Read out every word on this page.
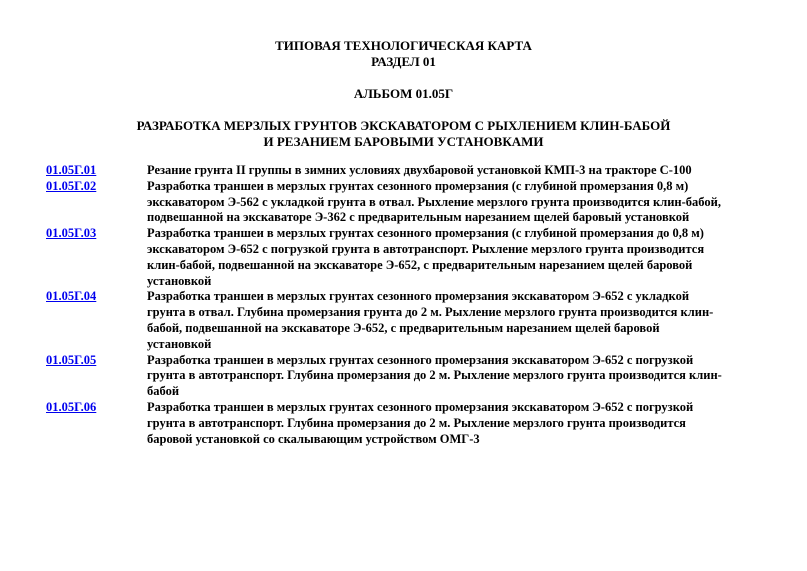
ТИПОВАЯ ТЕХНОЛОГИЧЕСКАЯ КАРТА
РАЗДЕЛ 01
АЛЬБОМ 01.05Г
РАЗРАБОТКА МЕРЗЛЫХ ГРУНТОВ ЭКСКАВАТОРОМ С РЫХЛЕНИЕМ КЛИН-БАБОЙ
И РЕЗАНИЕМ БАРОВЫМИ УСТАНОВКАМИ
01.05Г.01	Резание грунта II группы в зимних условиях двухбаровой установкой КМП-3 на тракторе С-100
01.05Г.02	Разработка траншеи в мерзлых грунтах сезонного промерзания (с глубиной промерзания 0,8 м)
экскаватором Э-562 с укладкой грунта в отвал. Рыхление мерзлого грунта производится клин-бабой,
подвешанной на экскаваторе Э-362 с предварительным нарезанием щелей баровый установкой
01.05Г.03	Разработка траншеи в мерзлых грунтах сезонного промерзания (с глубиной промерзания до 0,8 м)
экскаватором Э-652 с погрузкой грунта в автотранспорт. Рыхление мерзлого грунта производится
клин-бабой, подвешанной на экскаваторе Э-652, с предварительным нарезанием щелей баровой
установкой
01.05Г.04	Разработка траншеи в мерзлых грунтах сезонного промерзания экскаватором Э-652 с укладкой
грунта в отвал. Глубина промерзания грунта до 2 м. Рыхление мерзлого грунта производится клин-
бабой, подвешанной на экскаваторе Э-652, с предварительным нарезанием щелей баровой
установкой
01.05Г.05	Разработка траншеи в мерзлых грунтах сезонного промерзания экскаватором Э-652 с погрузкой
грунта в автотранспорт. Глубина промерзания до 2 м. Рыхление мерзлого грунта производится клин-
бабой
01.05Г.06	Разработка траншеи в мерзлых грунтах сезонного промерзания экскаватором Э-652 с погрузкой
грунта в автотранспорт. Глубина промерзания до 2 м. Рыхление мерзлого грунта производится
баровой установкой со скалывающим устройством ОМГ-3
